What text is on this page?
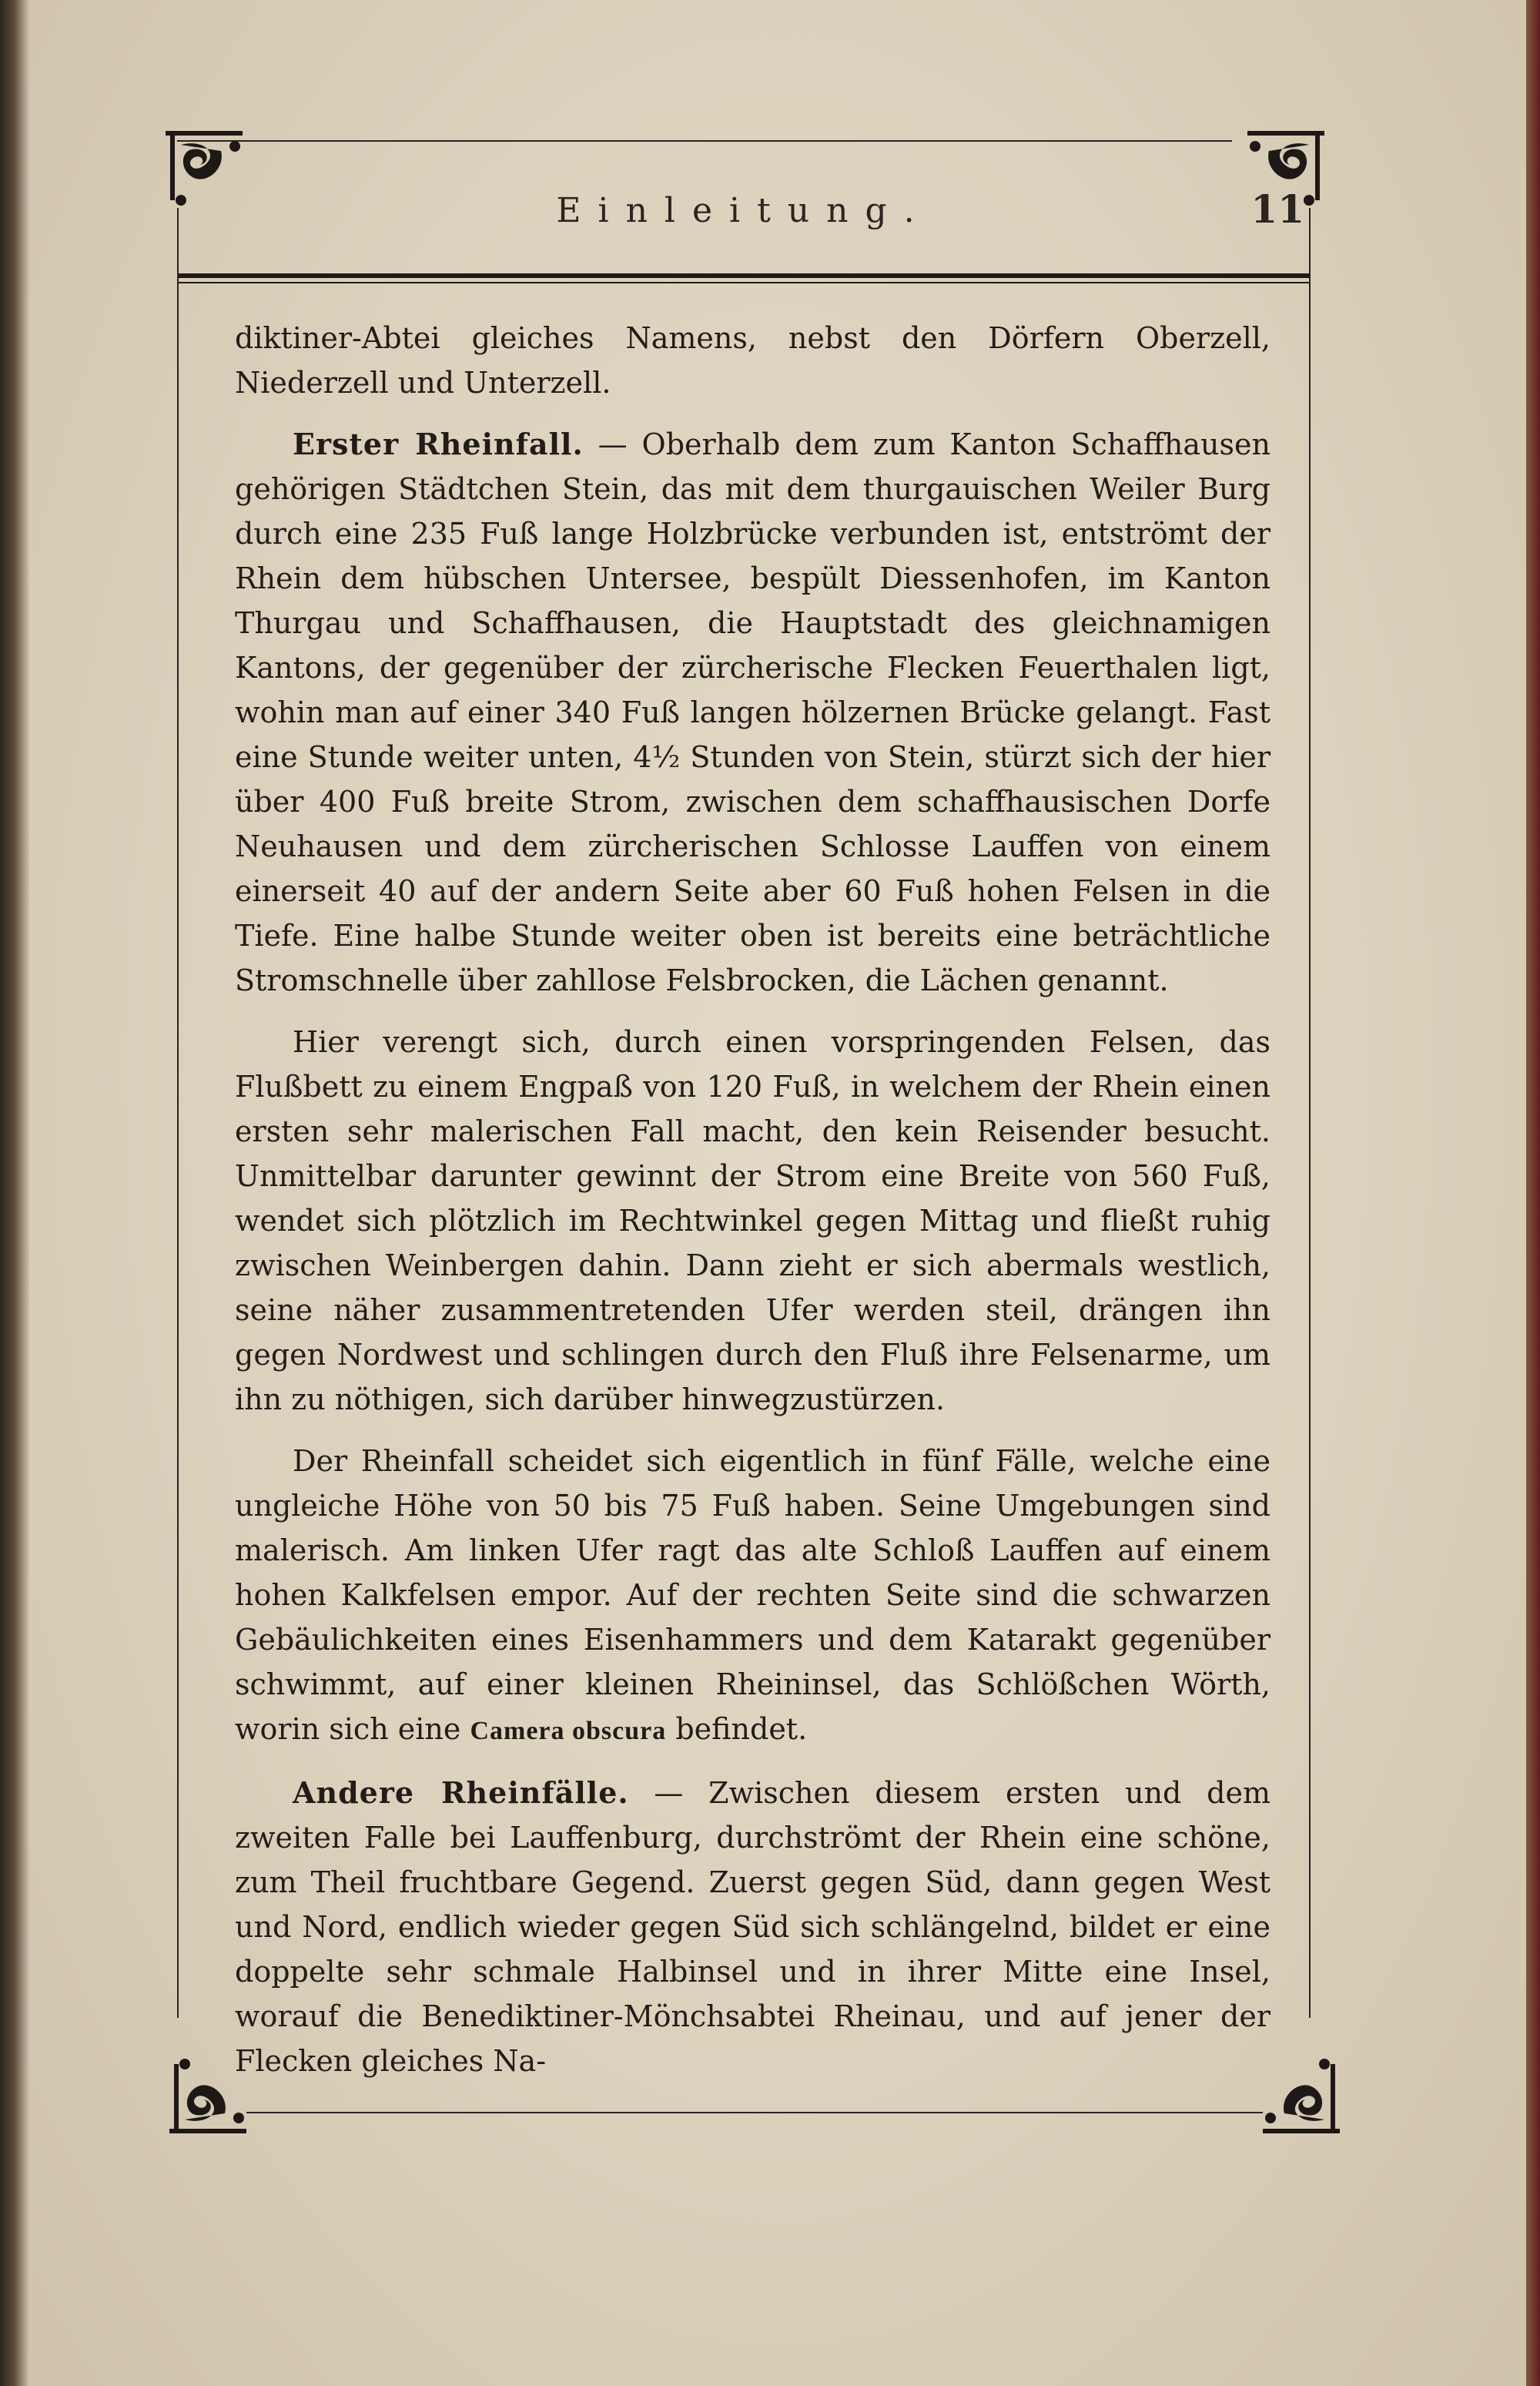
Einleitung.	11

diktiner-Abtei gleiches Namens, nebst den Dörfern Oberzell, Niederzell und Unterzell.

Erster Rheinfall. — Oberhalb dem zum Kanton Schaffhausen gehörigen Städtchen Stein, das mit dem thurgauischen Weiler Burg durch eine 235 Fuß lange Holzbrücke verbunden ist, entströmt der Rhein dem hübschen Untersee, bespült Diessenhofen, im Kanton Thurgau und Schaffhausen, die Hauptstadt des gleichnamigen Kantons, der gegenüber der zürcherische Flecken Feuerthalen ligt, wohin man auf einer 340 Fuß langen hölzernen Brücke gelangt. Fast eine Stunde weiter unten, 4½ Stunden von Stein, stürzt sich der hier über 400 Fuß breite Strom, zwischen dem schaffhausischen Dorfe Neuhausen und dem zürcherischen Schlosse Lauffen von einem einerseit 40 auf der andern Seite aber 60 Fuß hohen Felsen in die Tiefe. Eine halbe Stunde weiter oben ist bereits eine beträchtliche Stromschnelle über zahllose Felsbrocken, die Lächen genannt.

Hier verengt sich, durch einen vorspringenden Felsen, das Flußbett zu einem Engpaß von 120 Fuß, in welchem der Rhein einen ersten sehr malerischen Fall macht, den kein Reisender besucht. Unmittelbar darunter gewinnt der Strom eine Breite von 560 Fuß, wendet sich plötzlich im Rechtwinkel gegen Mittag und fließt ruhig zwischen Weinbergen dahin. Dann zieht er sich abermals westlich, seine näher zusammentretenden Ufer werden steil, drängen ihn gegen Nordwest und schlingen durch den Fluß ihre Felsenarme, um ihn zu nöthigen, sich darüber hinwegzustürzen.

Der Rheinfall scheidet sich eigentlich in fünf Fälle, welche eine ungleiche Höhe von 50 bis 75 Fuß haben. Seine Umgebungen sind malerisch. Am linken Ufer ragt das alte Schloß Lauffen auf einem hohen Kalkfelsen empor. Auf der rechten Seite sind die schwarzen Gebäulichkeiten eines Eisenhammers und dem Katarakt gegenüber schwimmt, auf einer kleinen Rheininsel, das Schlößchen Wörth, worin sich eine Camera obscura befindet.

Andere Rheinfälle. — Zwischen diesem ersten und dem zweiten Falle bei Lauffenburg, durchströmt der Rhein eine schöne, zum Theil fruchtbare Gegend. Zuerst gegen Süd, dann gegen West und Nord, endlich wieder gegen Süd sich schlängelnd, bildet er eine doppelte sehr schmale Halbinsel und in ihrer Mitte eine Insel, worauf die Benediktiner-Mönchsabtei Rheinau, und auf jener der Flecken gleiches Na-
